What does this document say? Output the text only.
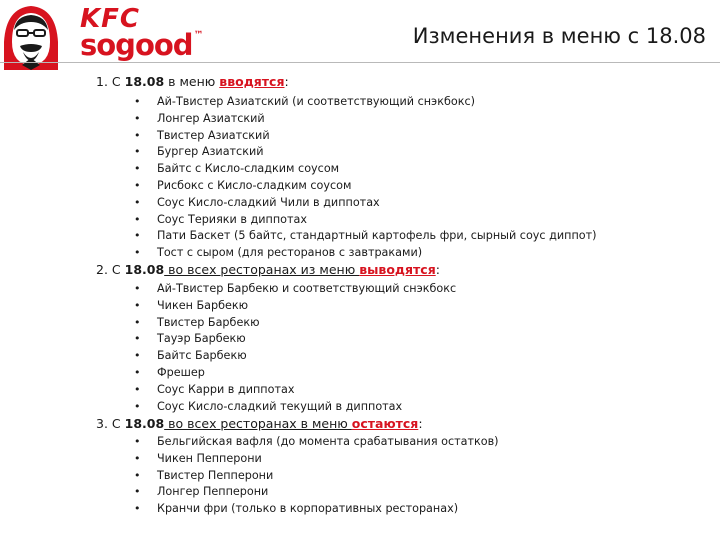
KFC
sogood™	Изменения в меню с 18.08
1. С 18.08 в меню вводятся:
• Ай-Твистер Азиатский (и соответствующий снэкбокс)
• Лонгер Азиатский
• Твистер Азиатский
• Бургер Азиатский
• Байтс с Кисло-сладким соусом
• Рисбокс с Кисло-сладким соусом
• Соус Кисло-сладкий Чили в диппотах
• Соус Терияки в диппотах
• Пати Баскет (5 байтс, стандартный картофель фри, сырный соус диппот)
• Тост с сыром (для ресторанов с завтраками)
2. С 18.08 во всех ресторанах из меню выводятся:
• Ай-Твистер Барбекю и соответствующий снэкбокс
• Чикен Барбекю
• Твистер Барбекю
• Тауэр Барбекю
• Байтс Барбекю
• Фрешер
• Соус Карри в диппотах
• Соус Кисло-сладкий текущий в диппотах
3. С 18.08 во всех ресторанах в меню остаются:
• Бельгийская вафля (до момента срабатывания остатков)
• Чикен Пепперони
• Твистер Пепперони
• Лонгер Пепперони
• Кранчи фри (только в корпоративных ресторанах)
